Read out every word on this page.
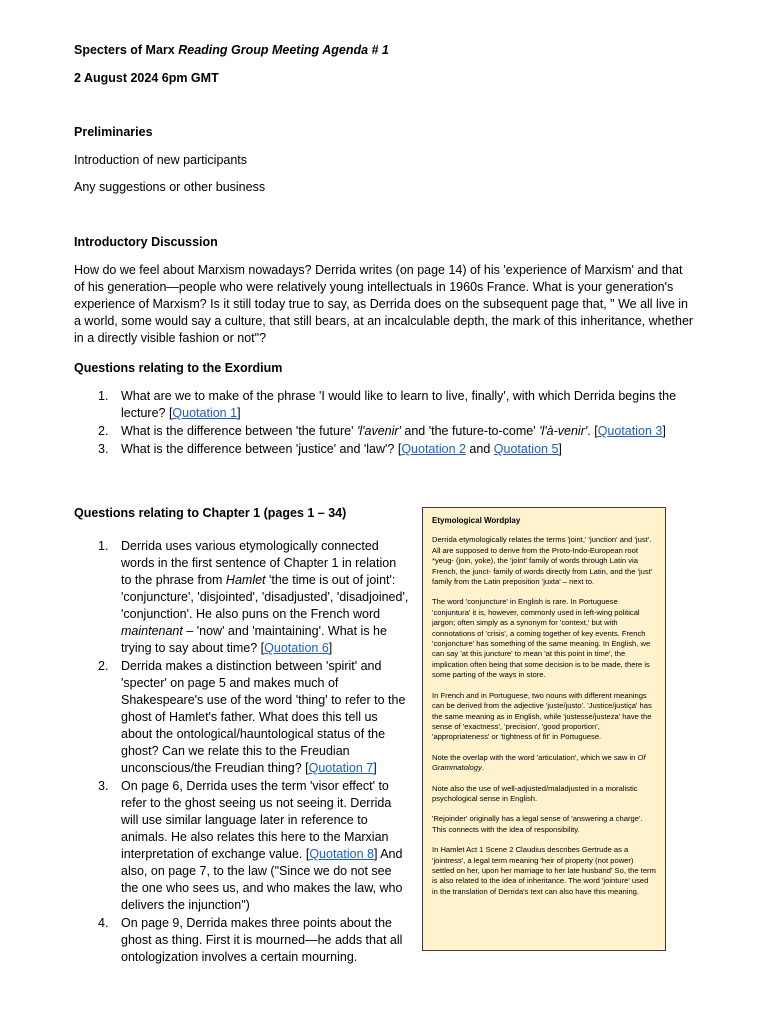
Specters of Marx Reading Group Meeting Agenda # 1
2 August 2024 6pm GMT
Preliminaries
Introduction of new participants
Any suggestions or other business
Introductory Discussion
How do we feel about Marxism nowadays? Derrida writes (on page 14) of his 'experience of Marxism' and that of his generation—people who were relatively young intellectuals in 1960s France. What is your generation's experience of Marxism? Is it still today true to say, as Derrida does on the subsequent page that, " We all live in a world, some would say a culture, that still bears, at an incalculable depth, the mark of this inheritance, whether in a directly visible fashion or not"?
Questions relating to the Exordium
1. What are we to make of the phrase 'I would like to learn to live, finally', with which Derrida begins the lecture? [Quotation 1]
2. What is the difference between 'the future' 'l'avenir' and 'the future-to-come' 'l'à-venir'. [Quotation 3]
3. What is the difference between 'justice' and 'law'? [Quotation 2 and Quotation 5]
Questions relating to Chapter 1 (pages 1 – 34)
1. Derrida uses various etymologically connected words in the first sentence of Chapter 1 in relation to the phrase from Hamlet 'the time is out of joint': 'conjuncture', 'disjointed', 'disadjusted', 'disadjoined', 'conjunction'. He also puns on the French word maintenant – 'now' and 'maintaining'. What is he trying to say about time? [Quotation 6]
2. Derrida makes a distinction between 'spirit' and 'specter' on page 5 and makes much of Shakespeare's use of the word 'thing' to refer to the ghost of Hamlet's father. What does this tell us about the ontological/hauntological status of the ghost? Can we relate this to the Freudian unconscious/the Freudian thing? [Quotation 7]
3. On page 6, Derrida uses the term 'visor effect' to refer to the ghost seeing us not seeing it. Derrida will use similar language later in reference to animals. He also relates this here to the Marxian interpretation of exchange value. [Quotation 8] And also, on page 7, to the law ("Since we do not see the one who sees us, and who makes the law, who delivers the injunction")
4. On page 9, Derrida makes three points about the ghost as thing. First it is mourned—he adds that all ontologization involves a certain mourning.
Etymological Wordplay

Derrida etymologically relates the terms 'joint,' 'junction' and 'just'. All are supposed to derive from the Proto-Indo-European root *yeug- (join, yoke), the 'joint' family of words through Latin via French, the junct- family of words directly from Latin, and the 'just' family from the Latin preposition 'juxta' – next to.

The word 'conjuncture' in English is rare. In Portuguese 'conjuntura' it is, however, commonly used in left-wing political jargon; often simply as a synonym for 'context,' but with connotations of 'crisis', a coming together of key events. French 'conjoncture' has something of the same meaning. In English, we can say 'at this juncture' to mean 'at this point in time', the implication often being that some decision is to be made, there is some parting of the ways in store.

In French and in Portuguese, two nouns with different meanings can be derived from the adjective 'juste/justo'. 'Justice/justiça' has the same meaning as in English, while 'justesse/justeza' have the sense of 'exactness', 'precision', 'good proportion', 'appropriateness' or 'tightness of fit' in Portuguese.

Note the overlap with the word 'articulation', which we saw in Of Grammatology.

Note also the use of well-adjusted/maladjusted in a moralistic psychological sense in English.

'Rejoinder' originally has a legal sense of 'answering a charge'. This connects with the idea of responsibility.

In Hamlet Act 1 Scene 2 Claudius describes Gertrude as a 'jointress', a legal term meaning 'heir of property (not power) settled on her, upon her marriage to her late husband' So, the term is also related to the idea of inheritance. The word 'jointure' used in the translation of Derrida's text can also have this meaning.
